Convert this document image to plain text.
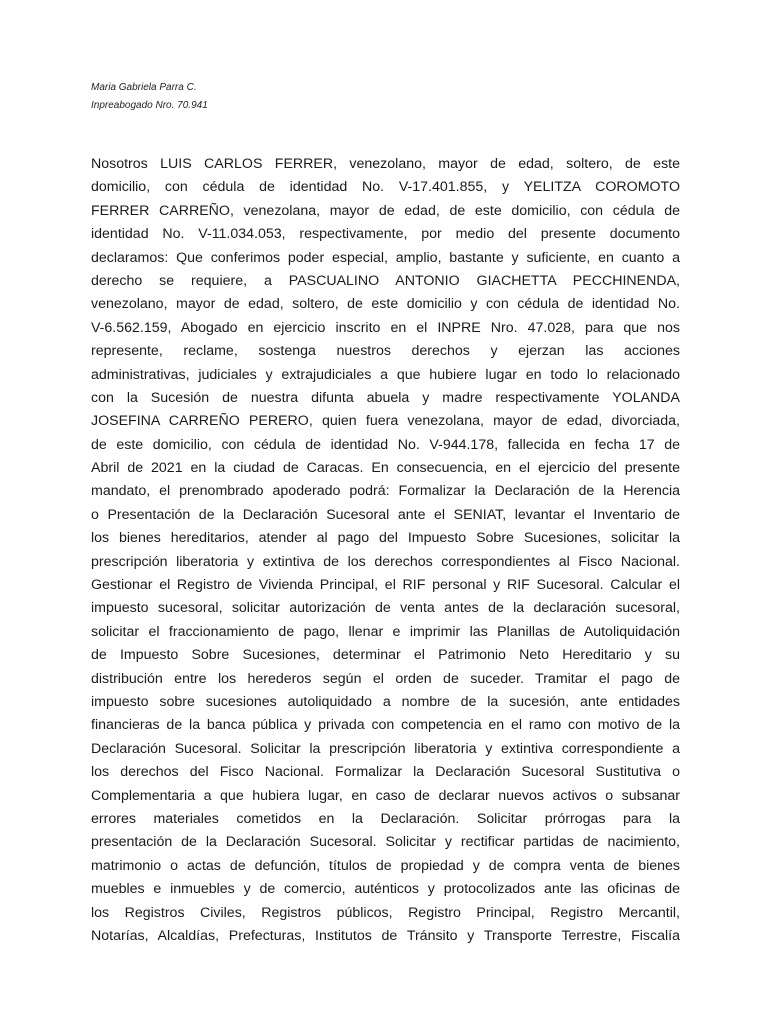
Maria Gabriela Parra C.
Inpreabogado Nro. 70.941
Nosotros LUIS CARLOS FERRER, venezolano, mayor de edad, soltero, de este
domicilio, con cédula de identidad No. V-17.401.855, y YELITZA COROMOTO
FERRER CARREÑO, venezolana, mayor de edad, de este domicilio, con cédula de
identidad No. V-11.034.053, respectivamente, por medio del presente documento
declaramos: Que conferimos poder especial, amplio, bastante y suficiente, en cuanto a
derecho se requiere, a PASCUALINO ANTONIO GIACHETTA PECCHINENDA,
venezolano, mayor de edad, soltero, de este domicilio y con cédula de identidad No.
V-6.562.159, Abogado en ejercicio inscrito en el INPRE Nro. 47.028, para que nos
represente, reclame, sostenga nuestros derechos y ejerzan las acciones
administrativas, judiciales y extrajudiciales a que hubiere lugar en todo lo relacionado
con la Sucesión de nuestra difunta abuela y madre respectivamente YOLANDA
JOSEFINA CARREÑO PERERO, quien fuera venezolana, mayor de edad, divorciada,
de este domicilio, con cédula de identidad No. V-944.178, fallecida en fecha 17 de
Abril de 2021 en la ciudad de Caracas. En consecuencia, en el ejercicio del presente
mandato, el prenombrado apoderado podrá: Formalizar la Declaración de la Herencia
o Presentación de la Declaración Sucesoral ante el SENIAT, levantar el Inventario de
los bienes hereditarios, atender al pago del Impuesto Sobre Sucesiones, solicitar la
prescripción liberatoria y extintiva de los derechos correspondientes al Fisco Nacional.
Gestionar el Registro de Vivienda Principal, el RIF personal y RIF Sucesoral. Calcular el
impuesto sucesoral, solicitar autorización de venta antes de la declaración sucesoral,
solicitar el fraccionamiento de pago, llenar e imprimir las Planillas de Autoliquidación
de Impuesto Sobre Sucesiones, determinar el Patrimonio Neto Hereditario y su
distribución entre los herederos según el orden de suceder. Tramitar el pago de
impuesto sobre sucesiones autoliquidado a nombre de la sucesión, ante entidades
financieras de la banca pública y privada con competencia en el ramo con motivo de la
Declaración Sucesoral. Solicitar la prescripción liberatoria y extintiva correspondiente a
los derechos del Fisco Nacional. Formalizar la Declaración Sucesoral Sustitutiva o
Complementaria a que hubiera lugar, en caso de declarar nuevos activos o subsanar
errores materiales cometidos en la Declaración. Solicitar prórrogas para la
presentación de la Declaración Sucesoral. Solicitar y rectificar partidas de nacimiento,
matrimonio o actas de defunción, títulos de propiedad y de compra venta de bienes
muebles e inmuebles y de comercio, auténticos y protocolizados ante las oficinas de
los Registros Civiles, Registros públicos, Registro Principal, Registro Mercantil,
Notarías, Alcaldías, Prefecturas, Institutos de Tránsito y Transporte Terrestre, Fiscalía
